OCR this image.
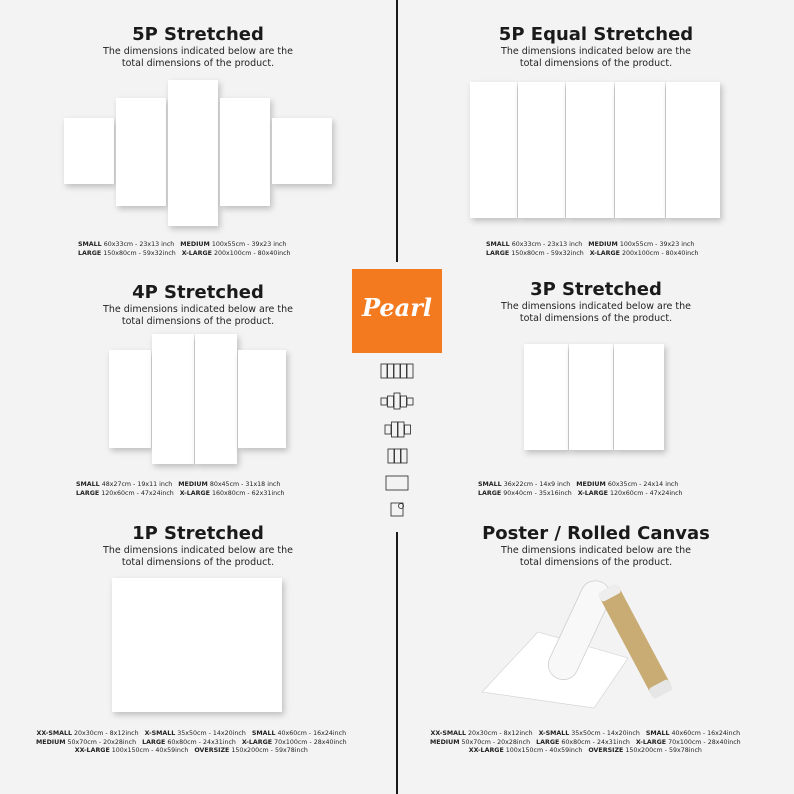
5P Stretched
The dimensions indicated below are the
total dimensions of the product.
SMALL 60x33cm - 23x13 inch MEDIUM 100x55cm - 39x23 inch
LARGE 150x80cm - 59x32inch X-LARGE 200x100cm - 80x40inch
5P Equal Stretched
The dimensions indicated below are the
total dimensions of the product.
SMALL 60x33cm - 23x13 inch MEDIUM 100x55cm - 39x23 inch
LARGE 150x80cm - 59x32inch X-LARGE 200x100cm - 80x40inch
4P Stretched
The dimensions indicated below are the
total dimensions of the product.
SMALL 48x27cm - 19x11 inch MEDIUM 80x45cm - 31x18 inch
LARGE 120x60cm - 47x24inch X-LARGE 160x80cm - 62x31inch
3P Stretched
The dimensions indicated below are the
total dimensions of the product.
SMALL 36x22cm - 14x9 inch MEDIUM 60x35cm - 24x14 inch
LARGE 90x40cm - 35x16inch X-LARGE 120x60cm - 47x24inch
1P Stretched
The dimensions indicated below are the
total dimensions of the product.
XX-SMALL 20x30cm - 8x12inch X-SMALL 35x50cm - 14x20inch SMALL 40x60cm - 16x24inch
MEDIUM 50x70cm - 20x28inch LARGE 60x80cm - 24x31inch X-LARGE 70x100cm - 28x40inch
XX-LARGE 100x150cm - 40x59inch OVERSIZE 150x200cm - 59x78inch
Poster / Rolled Canvas
The dimensions indicated below are the
total dimensions of the product.
XX-SMALL 20x30cm - 8x12inch X-SMALL 35x50cm - 14x20inch SMALL 40x60cm - 16x24inch
MEDIUM 50x70cm - 20x28inch LARGE 60x80cm - 24x31inch X-LARGE 70x100cm - 28x40inch
XX-LARGE 100x150cm - 40x59inch OVERSIZE 150x200cm - 59x78inch
Pearl
